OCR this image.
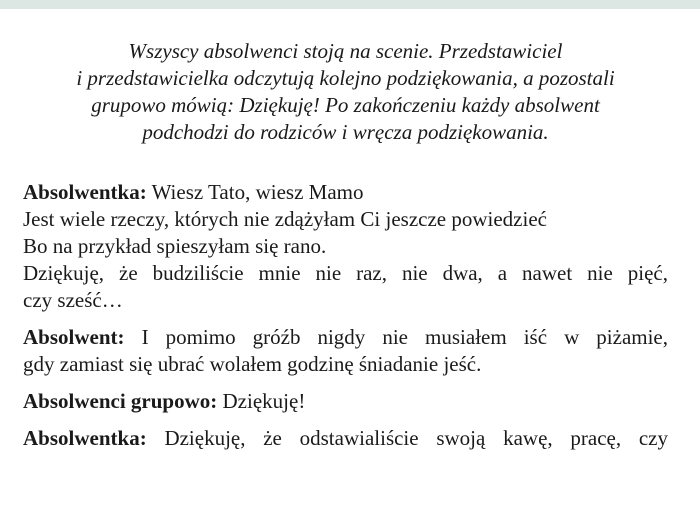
Wszyscy absolwenci stoją na scenie. Przedstawiciel
i przedstawicielka odczytują kolejno podziękowania, a pozostali
grupowo mówią: Dziękuję! Po zakończeniu każdy absolwent
podchodzi do rodziców i wręcza podziękowania.

Absolwentka: Wiesz Tato, wiesz Mamo
Jest wiele rzeczy, których nie zdążyłam Ci jeszcze powiedzieć
Bo na przykład spieszyłam się rano.
Dziękuję, że budziliście mnie nie raz, nie dwa, a nawet nie pięć,
czy sześć…

Absolwent: I pomimo gróźb nigdy nie musiałem iść w piżamie,
gdy zamiast się ubrać wolałem godzinę śniadanie jeść.

Absolwenci grupowo: Dziękuję!

Absolwentka: Dziękuję, że odstawialiście swoją kawę, pracę, czy
